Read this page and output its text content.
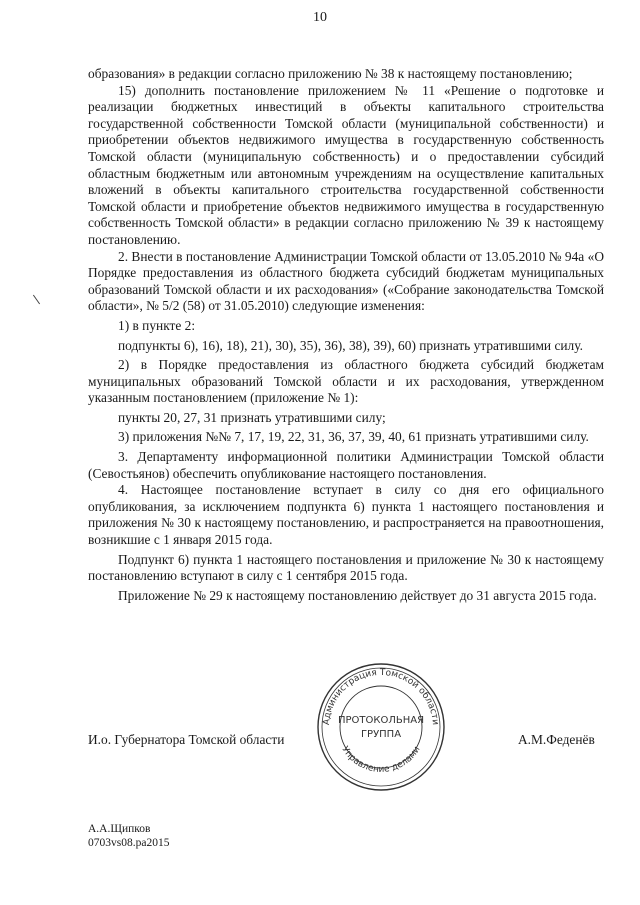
10

образования» в редакции согласно приложению № 38 к настоящему постановлению;

15) дополнить постановление приложением № 11 «Решение о подготовке и реализации бюджетных инвестиций в объекты капитального строительства государственной собственности Томской области (муниципальной собственности) и приобретении объектов недвижимого имущества в государственную собственность Томской области (муниципальную собственность) и о предоставлении субсидий областным бюджетным или автономным учреждениям на осуществление капитальных вложений в объекты капитального строительства государственной собственности Томской области и приобретение объектов недвижимого имущества в государственную собственность Томской области» в редакции согласно приложению № 39 к настоящему постановлению.

2. Внести в постановление Администрации Томской области от 13.05.2010 № 94а «О Порядке предоставления из областного бюджета субсидий бюджетам муниципальных образований Томской области и их расходования» («Собрание законодательства Томской области», № 5/2 (58) от 31.05.2010) следующие изменения:

1) в пункте 2:

подпункты 6), 16), 18), 21), 30), 35), 36), 38), 39), 60) признать утратившими силу.

2) в Порядке предоставления из областного бюджета субсидий бюджетам муниципальных образований Томской области и их расходования, утвержденном указанным постановлением (приложение № 1):

пункты 20, 27, 31 признать утратившими силу;

3) приложения №№ 7, 17, 19, 22, 31, 36, 37, 39, 40, 61 признать утратившими силу.

3. Департаменту информационной политики Администрации Томской области (Севостьянов) обеспечить опубликование настоящего постановления.

4. Настоящее постановление вступает в силу со дня его официального опубликования, за исключением подпункта 6) пункта 1 настоящего постановления и приложения № 30 к настоящему постановлению, и распространяется на правоотношения, возникшие с 1 января 2015 года.

Подпункт 6) пункта 1 настоящего постановления и приложение № 30 к настоящему постановлению вступают в силу с 1 сентября 2015 года.

Приложение № 29 к настоящему постановлению действует до 31 августа 2015 года.

И.о. Губернатора Томской области	А.М.Феденёв
Администрация Томской области
Управление делами
ПРОТОКОЛЬНАЯ
ГРУППА
А.А.Щипков
0703vs08.pa2015
